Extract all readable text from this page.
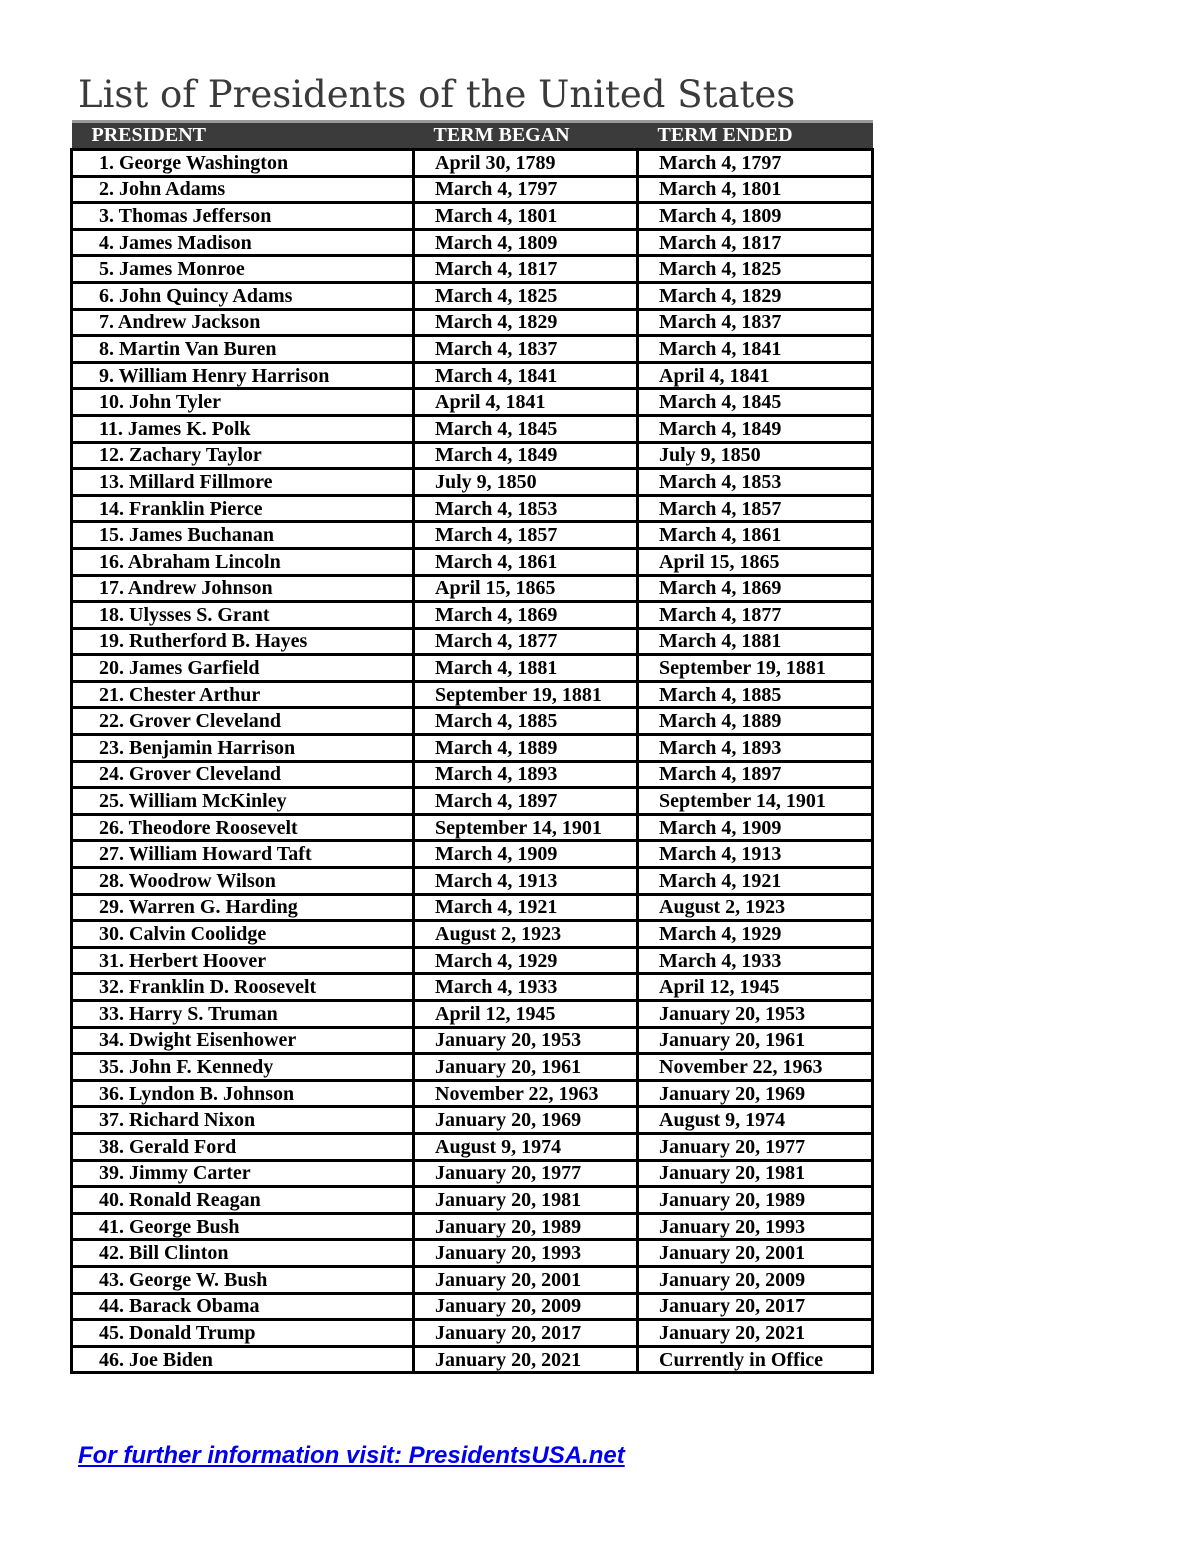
List of Presidents of the United States
PRESIDENT	TERM BEGAN	TERM ENDED
1. George Washington	April 30, 1789	March 4, 1797
2. John Adams	March 4, 1797	March 4, 1801
3. Thomas Jefferson	March 4, 1801	March 4, 1809
4. James Madison	March 4, 1809	March 4, 1817
5. James Monroe	March 4, 1817	March 4, 1825
6. John Quincy Adams	March 4, 1825	March 4, 1829
7. Andrew Jackson	March 4, 1829	March 4, 1837
8. Martin Van Buren	March 4, 1837	March 4, 1841
9. William Henry Harrison	March 4, 1841	April 4, 1841
10. John Tyler	April 4, 1841	March 4, 1845
11. James K. Polk	March 4, 1845	March 4, 1849
12. Zachary Taylor	March 4, 1849	July 9, 1850
13. Millard Fillmore	July 9, 1850	March 4, 1853
14. Franklin Pierce	March 4, 1853	March 4, 1857
15. James Buchanan	March 4, 1857	March 4, 1861
16. Abraham Lincoln	March 4, 1861	April 15, 1865
17. Andrew Johnson	April 15, 1865	March 4, 1869
18. Ulysses S. Grant	March 4, 1869	March 4, 1877
19. Rutherford B. Hayes	March 4, 1877	March 4, 1881
20. James Garfield	March 4, 1881	September 19, 1881
21. Chester Arthur	September 19, 1881	March 4, 1885
22. Grover Cleveland	March 4, 1885	March 4, 1889
23. Benjamin Harrison	March 4, 1889	March 4, 1893
24. Grover Cleveland	March 4, 1893	March 4, 1897
25. William McKinley	March 4, 1897	September 14, 1901
26. Theodore Roosevelt	September 14, 1901	March 4, 1909
27. William Howard Taft	March 4, 1909	March 4, 1913
28. Woodrow Wilson	March 4, 1913	March 4, 1921
29. Warren G. Harding	March 4, 1921	August 2, 1923
30. Calvin Coolidge	August 2, 1923	March 4, 1929
31. Herbert Hoover	March 4, 1929	March 4, 1933
32. Franklin D. Roosevelt	March 4, 1933	April 12, 1945
33. Harry S. Truman	April 12, 1945	January 20, 1953
34. Dwight Eisenhower	January 20, 1953	January 20, 1961
35. John F. Kennedy	January 20, 1961	November 22, 1963
36. Lyndon B. Johnson	November 22, 1963	January 20, 1969
37. Richard Nixon	January 20, 1969	August 9, 1974
38. Gerald Ford	August 9, 1974	January 20, 1977
39. Jimmy Carter	January 20, 1977	January 20, 1981
40. Ronald Reagan	January 20, 1981	January 20, 1989
41. George Bush	January 20, 1989	January 20, 1993
42. Bill Clinton	January 20, 1993	January 20, 2001
43. George W. Bush	January 20, 2001	January 20, 2009
44. Barack Obama	January 20, 2009	January 20, 2017
45. Donald Trump	January 20, 2017	January 20, 2021
46. Joe Biden	January 20, 2021	Currently in Office
For further information visit: PresidentsUSA.net
